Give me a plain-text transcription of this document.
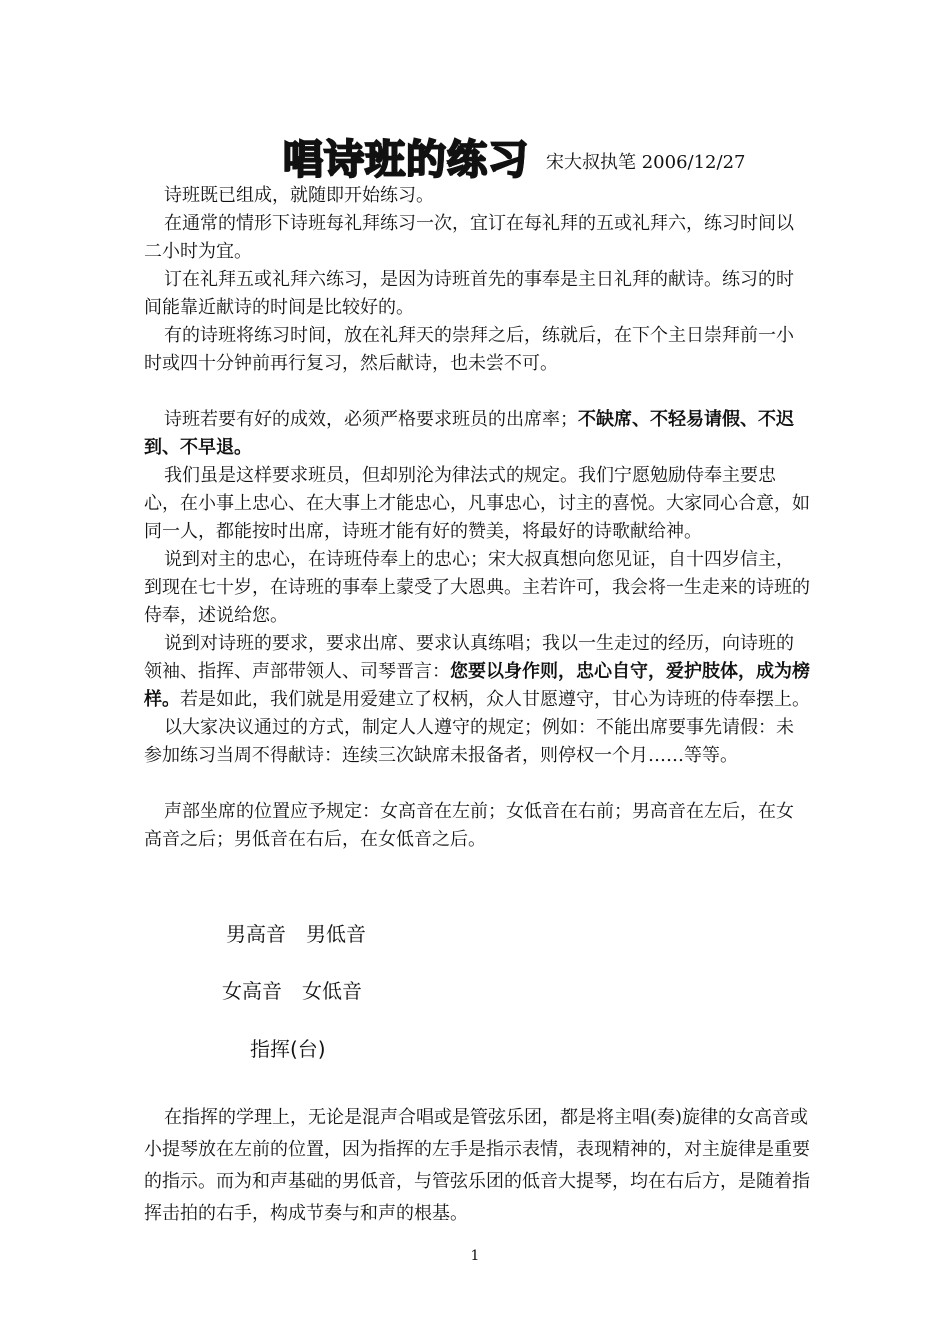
唱诗班的练习 宋大叔执笔 2006/12/27

诗班既已组成，就随即开始练习。

在通常的情形下诗班每礼拜练习一次，宜订在每礼拜的五或礼拜六，练习时间以二小时为宜。

订在礼拜五或礼拜六练习，是因为诗班首先的事奉是主日礼拜的献诗。练习的时间能靠近献诗的时间是比较好的。

有的诗班将练习时间，放在礼拜天的崇拜之后，练就后，在下个主日崇拜前一小时或四十分钟前再行复习，然后献诗，也未尝不可。

诗班若要有好的成效，必须严格要求班员的出席率；不缺席、不轻易请假、不迟到、不早退。

我们虽是这样要求班员，但却别沦为律法式的规定。我们宁愿勉励侍奉主要忠心，在小事上忠心、在大事上才能忠心，凡事忠心，讨主的喜悦。大家同心合意，如同一人，都能按时出席，诗班才能有好的赞美，将最好的诗歌献给神。

说到对主的忠心，在诗班侍奉上的忠心；宋大叔真想向您见证，自十四岁信主，到现在七十岁，在诗班的事奉上蒙受了大恩典。主若许可，我会将一生走来的诗班的侍奉，述说给您。

说到对诗班的要求，要求出席、要求认真练唱；我以一生走过的经历，向诗班的领袖、指挥、声部带领人、司琴晋言：您要以身作则，忠心自守，爱护肢体，成为榜样。若是如此，我们就是用爱建立了权柄，众人甘愿遵守，甘心为诗班的侍奉摆上。

以大家决议通过的方式，制定人人遵守的规定；例如：不能出席要事先请假：未参加练习当周不得献诗：连续三次缺席未报备者，则停权一个月……等等。

声部坐席的位置应予规定：女高音在左前；女低音在右前；男高音在左后，在女高音之后；男低音在右后，在女低音之后。

男高音　男低音
女高音　女低音
指挥(台)

在指挥的学理上，无论是混声合唱或是管弦乐团，都是将主唱(奏)旋律的女高音或小提琴放在左前的位置，因为指挥的左手是指示表情，表现精神的，对主旋律是重要的指示。而为和声基础的男低音，与管弦乐团的低音大提琴，均在右后方，是随着指挥击拍的右手，构成节奏与和声的根基。

1
